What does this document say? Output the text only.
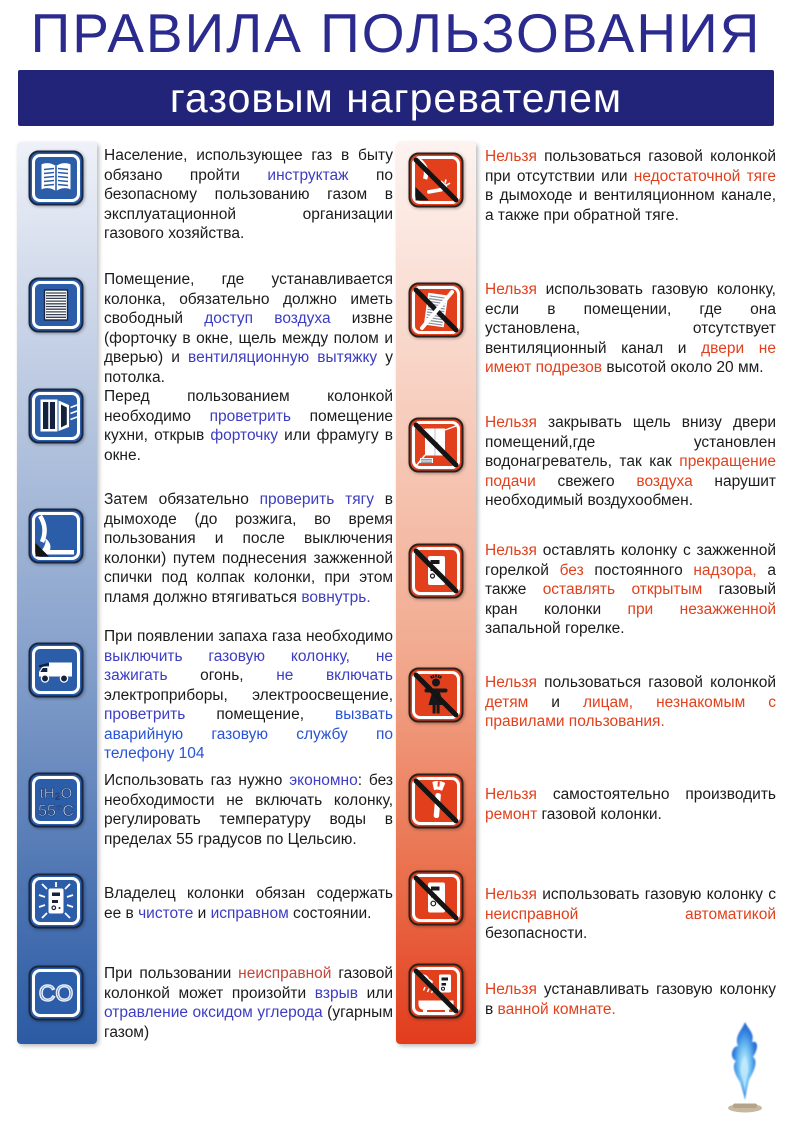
ПРАВИЛА ПОЛЬЗОВАНИЯ
газовым нагревателем
tH₂O
55°C
CO
Население, использующее газ в быту обязано пройти инструктаж по безопасному пользованию газом в эксплуатационной организации газового хозяйства.
Помещение, где устанавливается колонка, обязательно должно иметь свободный доступ воздуха извне (форточку в окне, щель между полом и дверью) и вентиляционную вытяжку у потолка.
Перед пользованием колонкой необходимо проветрить помещение кухни, открыв форточку или фрамугу в окне.
Затем обязательно проверить тягу в дымоходе (до розжига, во время пользования и после выключения колонки) путем поднесения зажженной спички под колпак колонки, при этом пламя должно втягиваться вовнутрь.
При появлении запаха газа необходимо выключить газовую колонку, не зажигать огонь, не включать электроприборы, электроосвещение, проветрить помещение, вызвать аварийную газовую службу по телефону 104
Использовать газ нужно экономно: без необходимости не включать колонку, регулировать температуру воды в пределах 55 градусов по Цельсию.
Владелец колонки обязан содержать ее в чистоте и исправном состоянии.
При пользовании неисправной газовой колонкой может произойти взрыв или отравление оксидом углерода (угарным газом)
Нельзя пользоваться газовой колонкой при отсутствии или недостаточной тяге в дымоходе и вентиляционном канале, а также при обратной тяге.
Нельзя использовать газовую колонку, если в помещении, где она установлена, отсутствует вентиляционный канал и двери не имеют подрезов высотой около 20 мм.
Нельзя закрывать щель внизу двери помещений,где установлен водонагреватель, так как прекращение подачи свежего воздуха нарушит необходимый воздухообмен.
Нельзя оставлять колонку с зажженной горелкой без постоянного надзора, а также оставлять открытым газовый кран колонки при незажженной запальной горелке.
Нельзя пользоваться газовой колонкой детям и лицам, незнакомым с правилами пользования.
Нельзя самостоятельно производить ремонт газовой колонки.
Нельзя использовать газовую колонку с неисправной автоматикой безопасности.
Нельзя устанавливать газовую колонку в ванной комнате.
